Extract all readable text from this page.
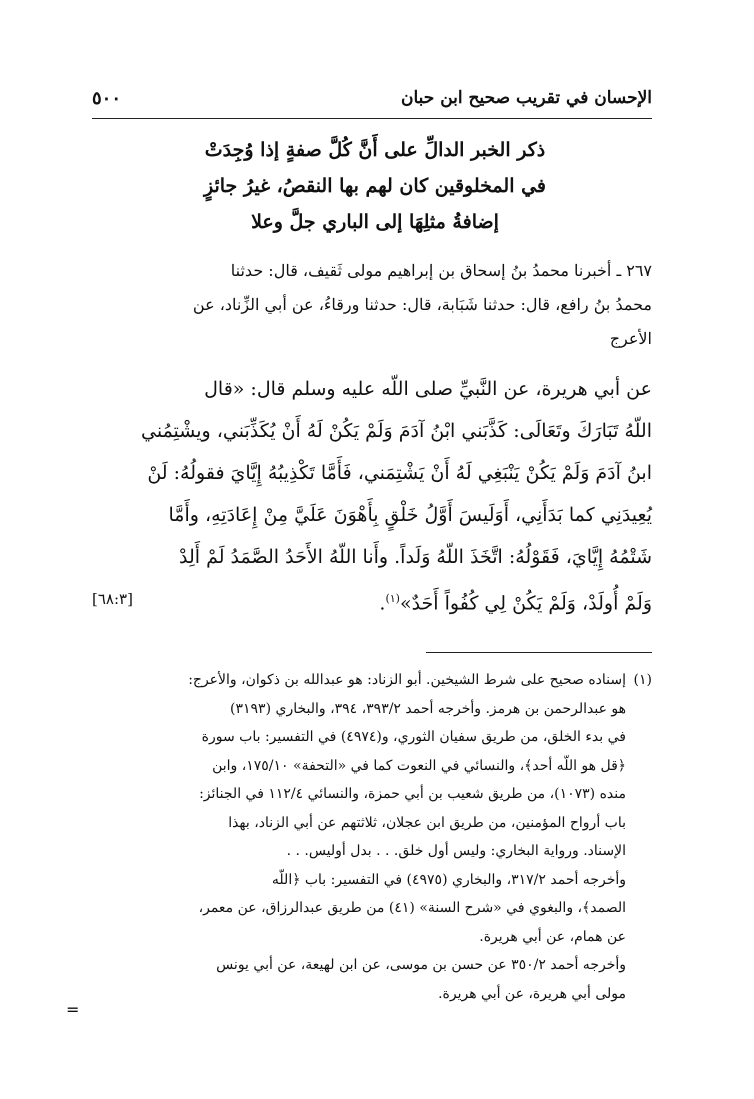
الإحسان في تقريب صحيح ابن حبان
٥٠٠
ذكر الخبر الدالِّ على أَنَّ كُلَّ صفةٍ إذا وُجِدَتْ
في المخلوقين كان لهم بها النقصُ، غيرُ جائزٍ
إضافةُ مثلِهَا إلى الباري جلَّ وعلا
٢٦٧ ـ أخبرنا محمدُ بنُ إسحاق بن إبراهيم مولى ثَقيف، قال: حدثنا
محمدُ بنُ رافع، قال: حدثنا شَبَابة، قال: حدثنا ورقاءُ، عن أبي الزِّناد، عن
الأعرج
عن أبي هريرة، عن النَّبيِّ صلى اللّه عليه وسلم قال: «قال
اللّهُ تَبَارَكَ وتَعَالَى: كَذَّبَني ابْنُ آدَمَ وَلَمْ يَكُنْ لَهُ أَنْ يُكَذِّبَني، ويشْتِمُني
ابنُ آدَمَ وَلَمْ يَكُنْ يَنْبَغِي لَهُ أَنْ يَشْتِمَني، فَأَمَّا تَكْذِيبُهُ إِيَّايَ فقولُهُ: لَنْ
يُعِيدَنِي كما بَدَأَنِي، أَوَلَيسَ أَوَّلُ خَلْقٍ بِأَهْوَنَ عَلَيَّ مِنْ إِعَادَتِهِ، وأَمَّا
شَتْمُهُ إِيَّايَ، فَقَوْلُهُ: اتَّخَذَ اللّهُ وَلَداً. وأَنا اللّهُ الأَحَدُ الصَّمَدُ لَمْ أَلِدْ
وَلَمْ أُولَدْ، وَلَمْ يَكُنْ لِي كُفُواً أَحَدٌ»$^{(١)}$.
[٦٨:٣]
(١)إسناده صحيح على شرط الشيخين. أبو الزناد: هو عبدالله بن ذكوان، والأعرج:
هو عبدالرحمن بن هرمز. وأخرجه أحمد ٣٩٣/٢، ٣٩٤، والبخاري (٣١٩٣)
في بدء الخلق، من طريق سفيان الثوري، و(٤٩٧٤) في التفسير: باب سورة
﴿قل هو اللّه أحد﴾، والنسائي في النعوت كما في «التحفة» ١٧٥/١٠، وابن
منده (١٠٧٣)، من طريق شعيب بن أبي حمزة، والنسائي ١١٢/٤ في الجنائز:
باب أرواح المؤمنين، من طريق ابن عجلان، ثلاثتهم عن أبي الزناد، بهذا
الإسناد. ورواية البخاري: وليس أول خلق. . . بدل أوليس. . .
وأخرجه أحمد ٣١٧/٢، والبخاري (٤٩٧٥) في التفسير: باب ﴿اللّه
الصمد﴾، والبغوي في «شرح السنة» (٤١) من طريق عبدالرزاق، عن معمر،
عن همام، عن أبي هريرة.
وأخرجه أحمد ٣٥٠/٢ عن حسن بن موسى، عن ابن لهيعة، عن أبي يونس
مولى أبي هريرة، عن أبي هريرة.
=
